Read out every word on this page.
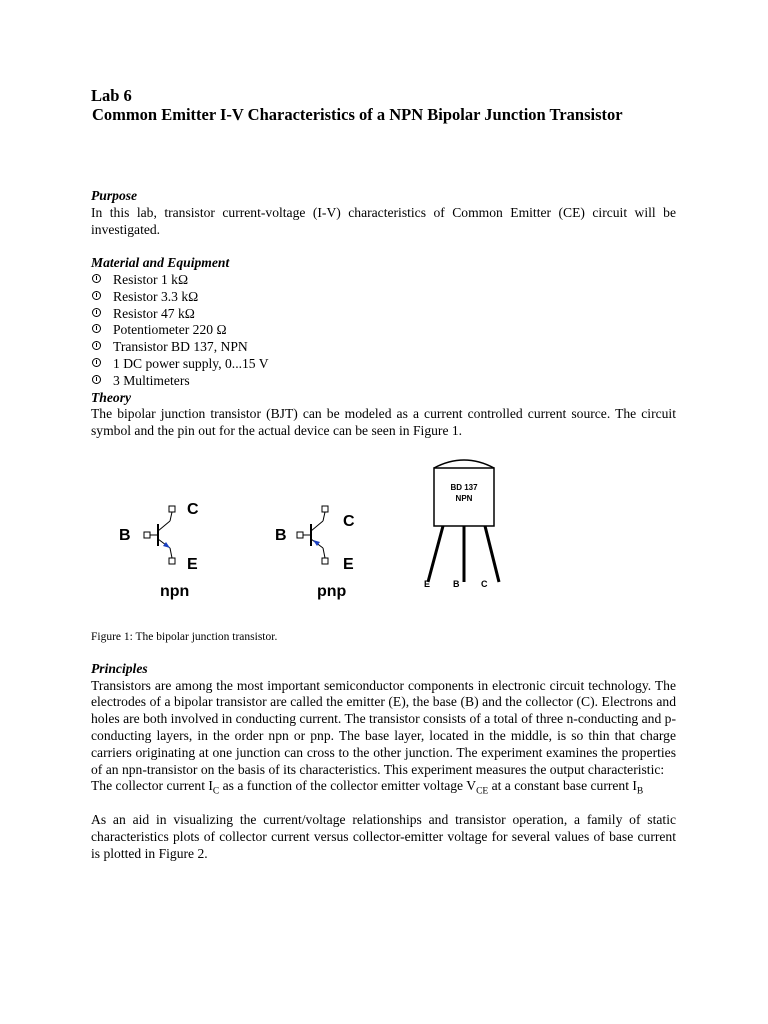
Lab 6
Common Emitter I-V Characteristics of a NPN Bipolar Junction Transistor
Purpose

In this lab, transistor current-voltage (I-V) characteristics of Common Emitter (CE) circuit will be investigated.

Material and Equipment
Resistor 1 kΩ
Resistor 3.3 kΩ
Resistor 47 kΩ
Potentiometer 220 Ω
Transistor BD 137, NPN
1 DC power supply, 0...15 V
3 Multimeters
Theory

The bipolar junction transistor (BJT) can be modeled as a current controlled current source. The circuit symbol and the pin out for the actual device can be seen in Figure 1.

B
C
E
npn
B
C
E
pnp
BD 137
NPN
E	B C
Figure 1: The bipolar junction transistor.
Principles

Transistors are among the most important semiconductor components in electronic circuit technology. The electrodes of a bipolar transistor are called the emitter (E), the base (B) and the collector (C). Electrons and holes are both involved in conducting current. The transistor consists of a total of three n-conducting and p-conducting layers, in the order npn or pnp. The base layer, located in the middle, is so thin that charge carriers originating at one junction can cross to the other junction. The experiment examines the properties of an npn-transistor on the basis of its characteristics. This experiment measures the output characteristic:

The collector current $I_C$ as a function of the collector emitter voltage $V_{CE}$ at a constant base current $I_B$

As an aid in visualizing the current/voltage relationships and transistor operation, a family of static characteristics plots of collector current versus collector-emitter voltage for several values of base current is plotted in Figure 2.
